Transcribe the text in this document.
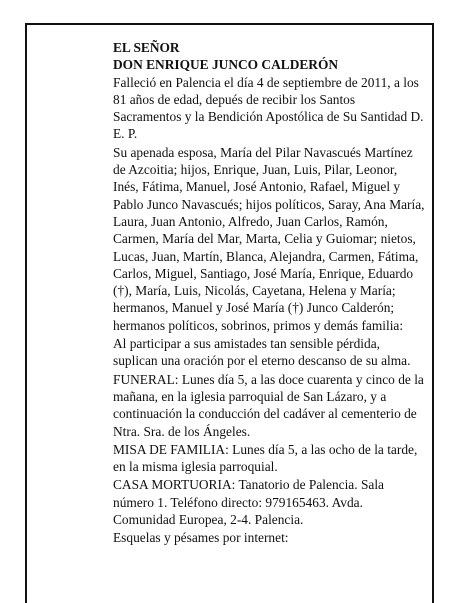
EL SEÑOR

DON ENRIQUE JUNCO CALDERÓN

Falleció en Palencia el día 4 de septiembre de 2011, a los 81 años de edad, depués de recibir los Santos Sacramentos y la Bendición Apostólica de Su Santidad D. E. P.

Su apenada esposa, María del Pilar Navascués Martínez de Azcoitia; hijos, Enrique, Juan, Luis, Pilar, Leonor, Inés, Fátima, Manuel, José Antonio, Rafael, Miguel y Pablo Junco Navascués; hijos políticos, Saray, Ana María, Laura, Juan Antonio, Alfredo, Juan Carlos, Ramón, Carmen, María del Mar, Marta, Celia y Guiomar; nietos, Lucas, Juan, Martín, Blanca, Alejandra, Carmen, Fátima, Carlos, Miguel, Santiago, José María, Enrique, Eduardo (†), María, Luis, Nicolás, Cayetana, Helena y María; hermanos, Manuel y José María (†) Junco Calderón; hermanos políticos, sobrinos, primos y demás familia:

Al participar a sus amistades tan sensible pérdida, suplican una oración por el eterno descanso de su alma.

FUNERAL: Lunes día 5, a las doce cuarenta y cinco de la mañana, en la iglesia parroquial de San Lázaro, y a continuación la conducción del cadáver al cementerio de Ntra. Sra. de los Ángeles.

MISA DE FAMILIA: Lunes día 5, a las ocho de la tarde, en la misma iglesia parroquial.

CASA MORTUORIA: Tanatorio de Palencia. Sala número 1. Teléfono directo: 979165463. Avda. Comunidad Europea, 2-4. Palencia.

Esquelas y pésames por internet:
